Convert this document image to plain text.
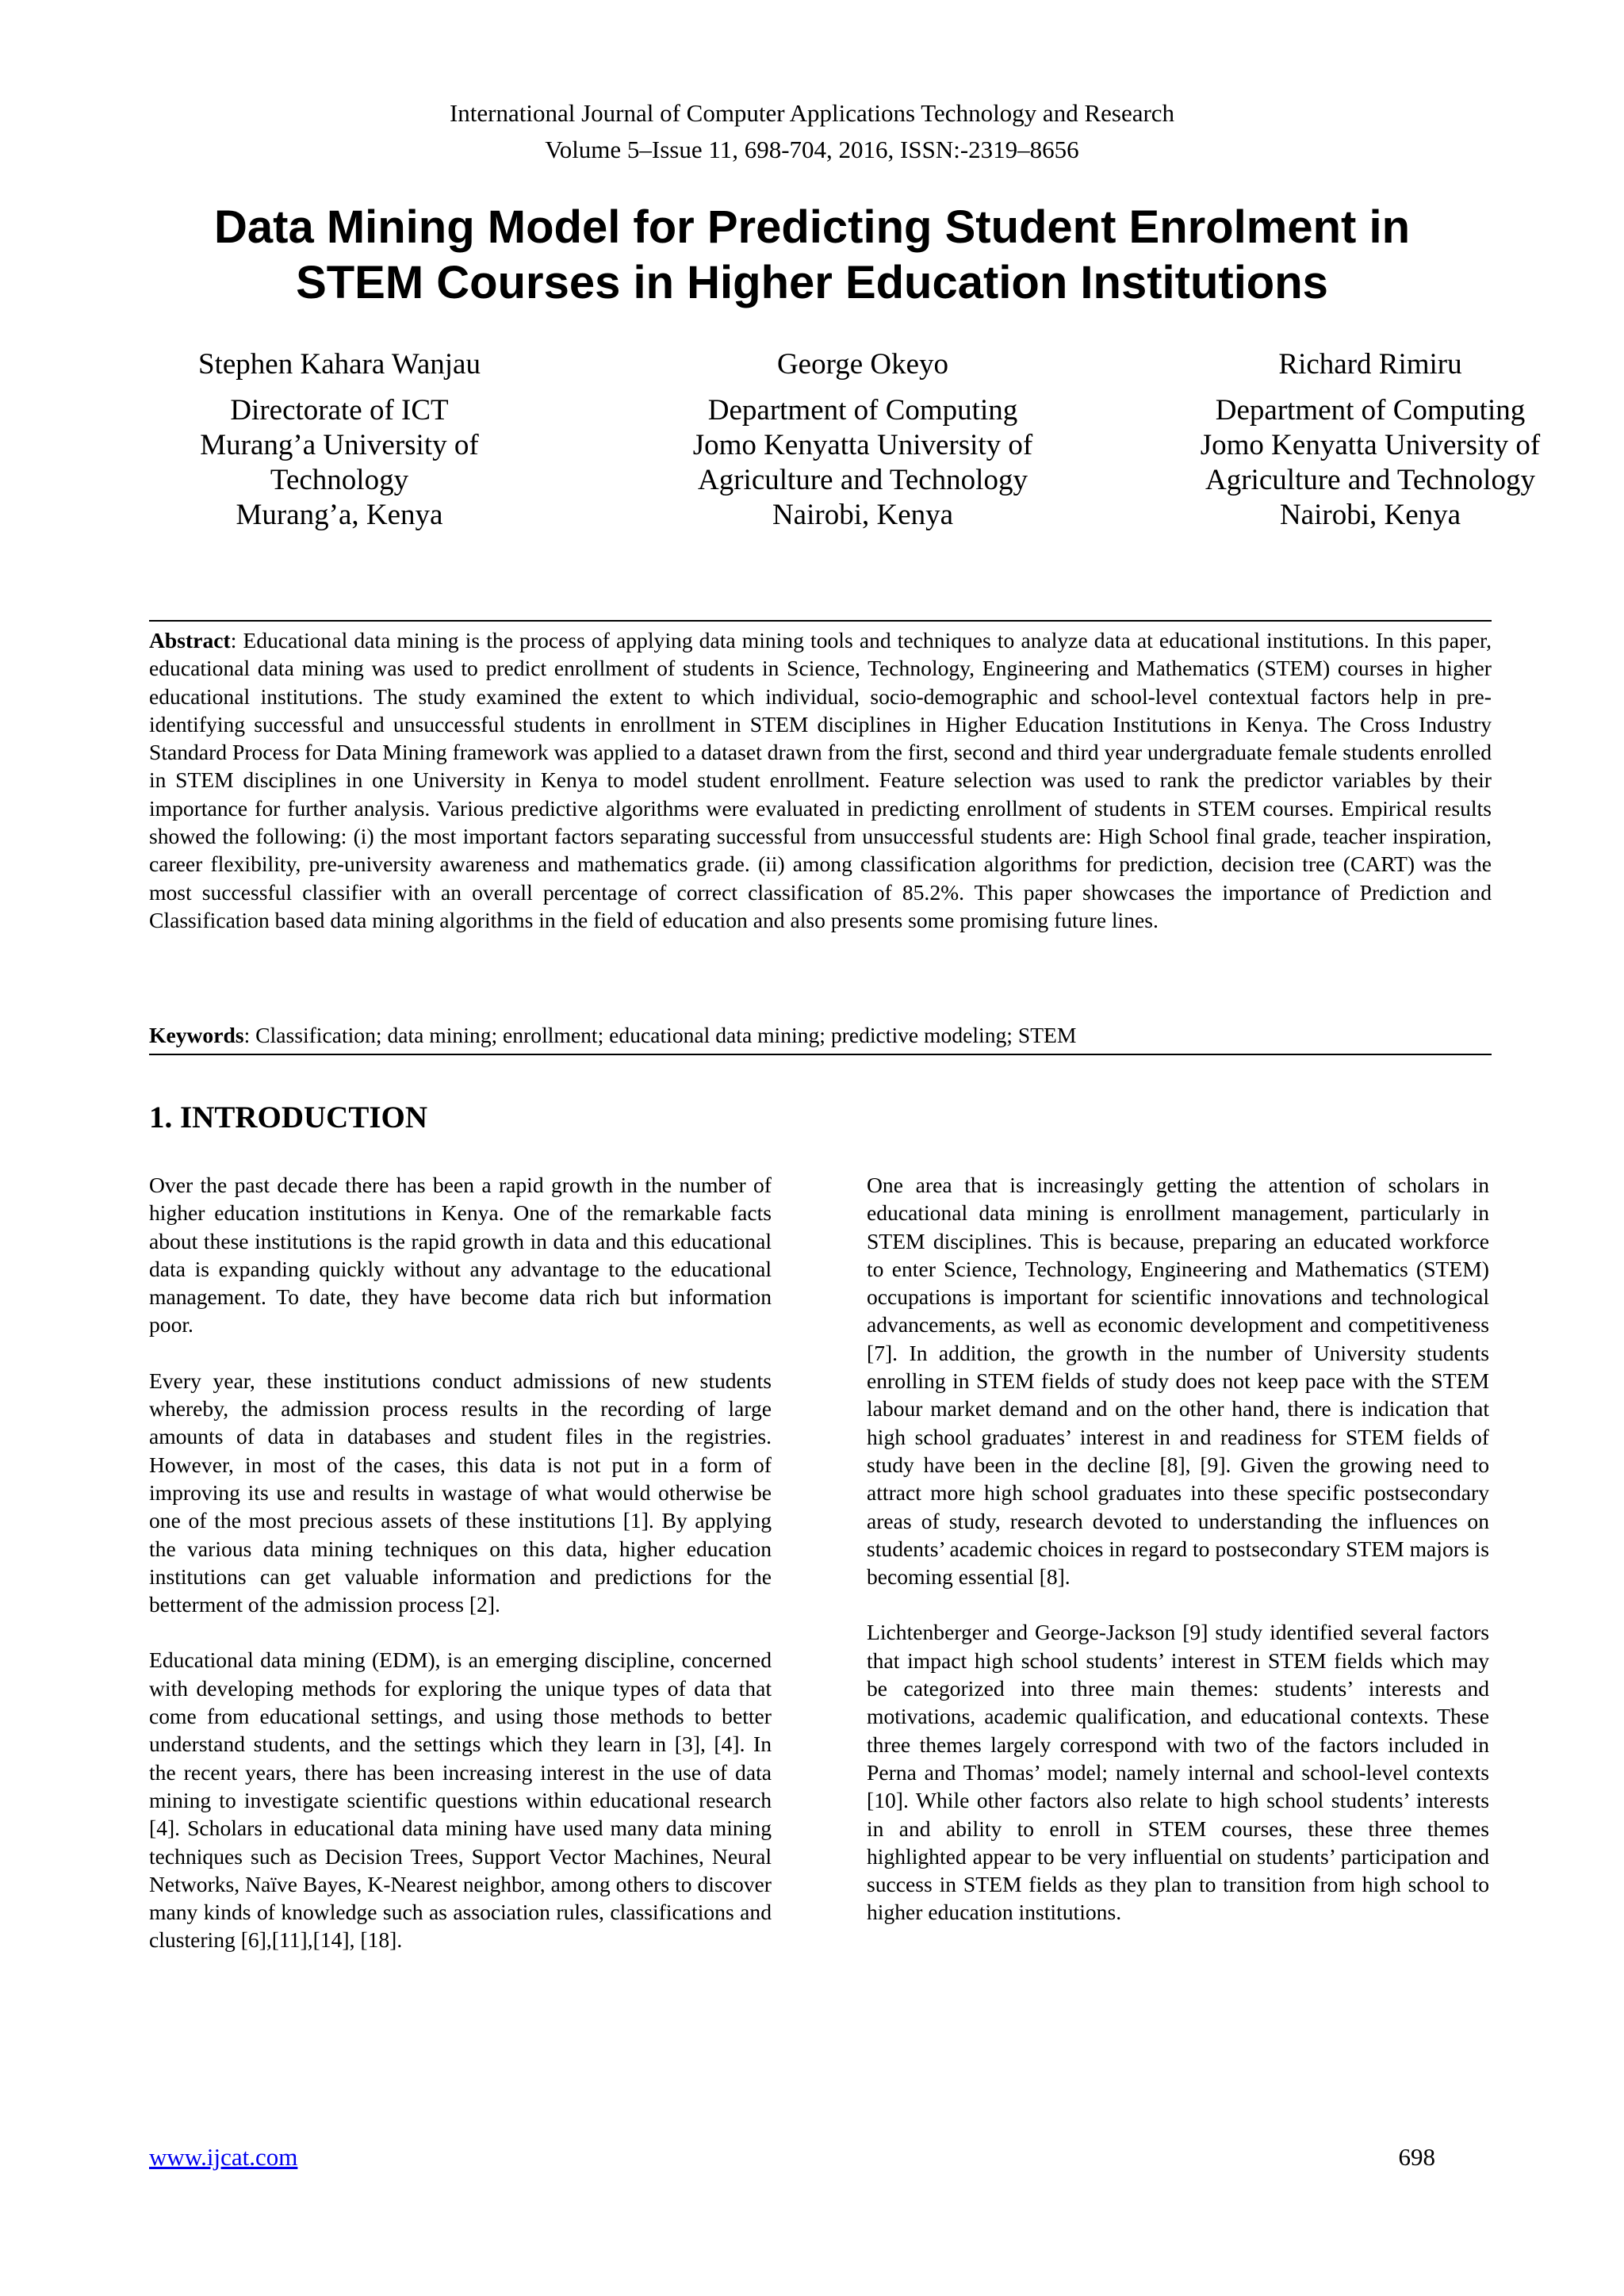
International Journal of Computer Applications Technology and Research
Volume 5–Issue 11, 698-704, 2016, ISSN:-2319–8656
Data Mining Model for Predicting Student Enrolment in
STEM Courses in Higher Education Institutions
Stephen Kahara Wanjau
Directorate of ICT
Murang’a University of
Technology
Murang’a, Kenya
George Okeyo
Department of Computing
Jomo Kenyatta University of
Agriculture and Technology
Nairobi, Kenya
Richard Rimiru
Department of Computing
Jomo Kenyatta University of
Agriculture and Technology
Nairobi, Kenya
Abstract: Educational data mining is the process of applying data mining tools and techniques to analyze data at educational institutions. In this paper, educational data mining was used to predict enrollment of students in Science, Technology, Engineering and Mathematics (STEM) courses in higher educational institutions. The study examined the extent to which individual, socio-demographic and school-level contextual factors help in pre-identifying successful and unsuccessful students in enrollment in STEM disciplines in Higher Education Institutions in Kenya. The Cross Industry Standard Process for Data Mining framework was applied to a dataset drawn from the first, second and third year undergraduate female students enrolled in STEM disciplines in one University in Kenya to model student enrollment. Feature selection was used to rank the predictor variables by their importance for further analysis. Various predictive algorithms were evaluated in predicting enrollment of students in STEM courses. Empirical results showed the following: (i) the most important factors separating successful from unsuccessful students are: High School final grade, teacher inspiration, career flexibility, pre-university awareness and mathematics grade. (ii) among classification algorithms for prediction, decision tree (CART) was the most successful classifier with an overall percentage of correct classification of 85.2%. This paper showcases the importance of Prediction and Classification based data mining algorithms in the field of education and also presents some promising future lines.
Keywords: Classification; data mining; enrollment; educational data mining; predictive modeling; STEM
1. INTRODUCTION

Over the past decade there has been a rapid growth in the number of higher education institutions in Kenya. One of the remarkable facts about these institutions is the rapid growth in data and this educational data is expanding quickly without any advantage to the educational management. To date, they have become data rich but information poor.

Every year, these institutions conduct admissions of new students whereby, the admission process results in the recording of large amounts of data in databases and student files in the registries. However, in most of the cases, this data is not put in a form of improving its use and results in wastage of what would otherwise be one of the most precious assets of these institutions [1]. By applying the various data mining techniques on this data, higher education institutions can get valuable information and predictions for the betterment of the admission process [2].

Educational data mining (EDM), is an emerging discipline, concerned with developing methods for exploring the unique types of data that come from educational settings, and using those methods to better understand students, and the settings which they learn in [3], [4]. In the recent years, there has been increasing interest in the use of data mining to investigate scientific questions within educational research [4]. Scholars in educational data mining have used many data mining techniques such as Decision Trees, Support Vector Machines, Neural Networks, Naïve Bayes, K-Nearest neighbor, among others to discover many kinds of knowledge such as association rules, classifications and clustering [6],[11],[14], [18].

One area that is increasingly getting the attention of scholars in educational data mining is enrollment management, particularly in STEM disciplines. This is because, preparing an educated workforce to enter Science, Technology, Engineering and Mathematics (STEM) occupations is important for scientific innovations and technological advancements, as well as economic development and competitiveness [7]. In addition, the growth in the number of University students enrolling in STEM fields of study does not keep pace with the STEM labour market demand and on the other hand, there is indication that high school graduates’ interest in and readiness for STEM fields of study have been in the decline [8], [9]. Given the growing need to attract more high school graduates into these specific postsecondary areas of study, research devoted to understanding the influences on students’ academic choices in regard to postsecondary STEM majors is becoming essential [8].

Lichtenberger and George-Jackson [9] study identified several factors that impact high school students’ interest in STEM fields which may be categorized into three main themes: students’ interests and motivations, academic qualification, and educational contexts. These three themes largely correspond with two of the factors included in Perna and Thomas’ model; namely internal and school-level contexts [10]. While other factors also relate to high school students’ interests in and ability to enroll in STEM courses, these three themes highlighted appear to be very influential on students’ participation and success in STEM fields as they plan to transition from high school to higher education institutions.

www.ijcat.com	698
